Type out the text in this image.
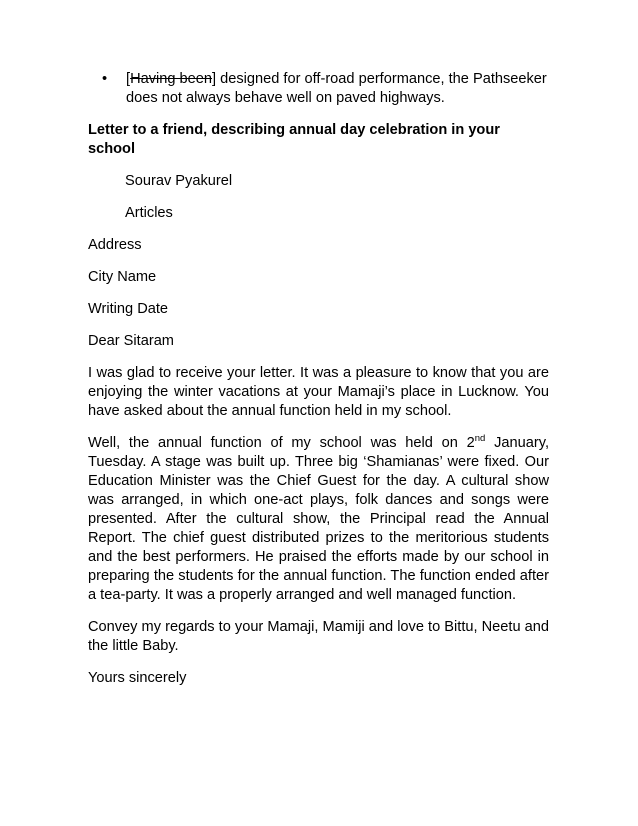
• [Having been] designed for off-road performance, the Pathseeker does not always behave well on paved highways.
Letter to a friend, describing annual day celebration in your school
Sourav Pyakurel
Articles
Address
City Name
Writing Date
Dear Sitaram
I was glad to receive your letter. It was a pleasure to know that you are enjoying the winter vacations at your Mamaji’s place in Lucknow. You have asked about the annual function held in my school.
Well, the annual function of my school was held on 2nd January, Tuesday. A stage was built up. Three big ‘Shamianas’ were fixed. Our Education Minister was the Chief Guest for the day. A cultural show was arranged, in which one-act plays, folk dances and songs were presented. After the cultural show, the Principal read the Annual Report. The chief guest distributed prizes to the meritorious students and the best performers. He praised the efforts made by our school in preparing the students for the annual function. The function ended after a tea-party. It was a properly arranged and well managed function.
Convey my regards to your Mamaji, Mamiji and love to Bittu, Neetu and the little Baby.
Yours sincerely
